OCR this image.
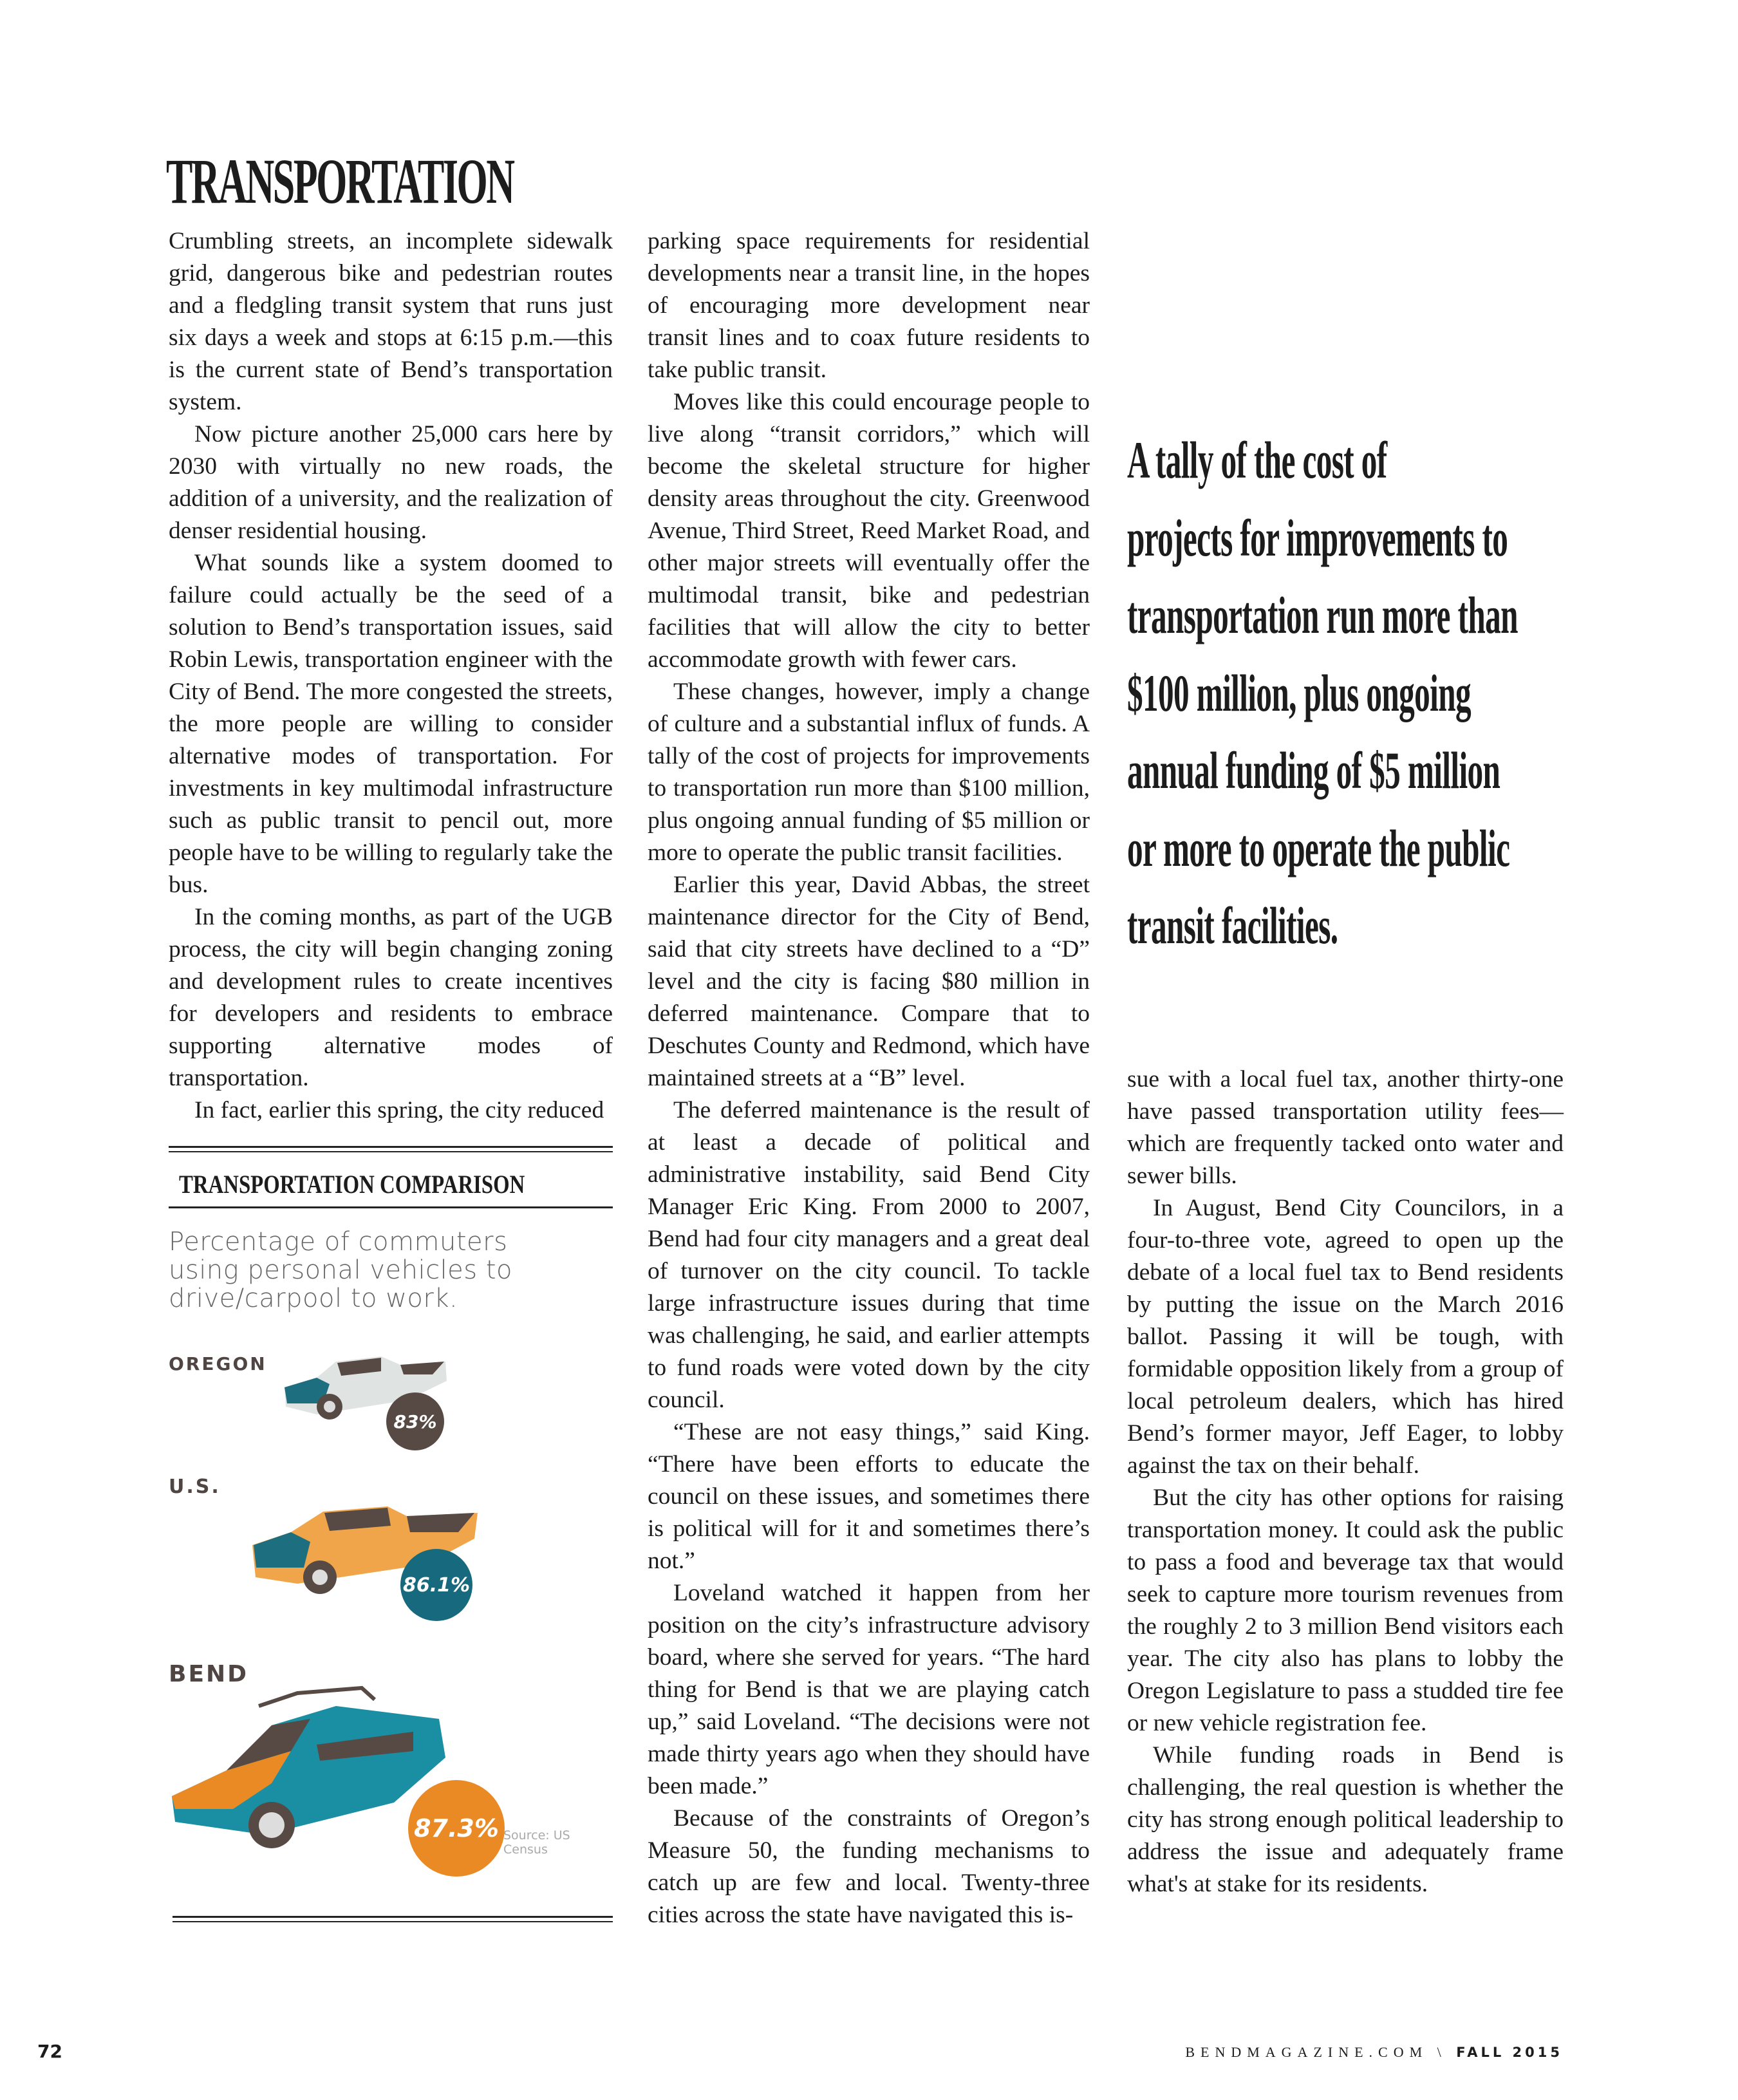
TRANSPORTATION

Crumbling streets, an incomplete sidewalk grid, dangerous bike and pedestrian routes and a fledgling transit system that runs just six days a week and stops at 6:15 p.m.—this is the current state of Bend’s transportation system.

Now picture another 25,000 cars here by 2030 with virtually no new roads, the addition of a university, and the realization of denser residential housing.

What sounds like a system doomed to failure could actually be the seed of a solution to Bend’s transportation issues, said Robin Lewis, transportation engineer with the City of Bend. The more congested the streets, the more people are willing to consider alternative modes of transportation. For investments in key multimodal infrastructure such as public transit to pencil out, more people have to be willing to regularly take the bus.

In the coming months, as part of the UGB process, the city will begin changing zoning and development rules to create incentives for developers and residents to embrace supporting alternative modes of transportation.

In fact, earlier this spring, the city reduced

parking space requirements for residential developments near a transit line, in the hopes of encouraging more development near transit lines and to coax future residents to take public transit.

Moves like this could encourage people to live along “transit corridors,” which will become the skeletal structure for higher density areas throughout the city. Greenwood Avenue, Third Street, Reed Market Road, and other major streets will eventually offer the multimodal transit, bike and pedestrian facilities that will allow the city to better accommodate growth with fewer cars.

These changes, however, imply a change of culture and a substantial influx of funds. A tally of the cost of projects for improvements to transportation run more than $100 million, plus ongoing annual funding of $5 million or more to operate the public transit facilities.

Earlier this year, David Abbas, the street maintenance director for the City of Bend, said that city streets have declined to a “D” level and the city is facing $80 million in deferred maintenance. Compare that to Deschutes County and Redmond, which have maintained streets at a “B” level.

The deferred maintenance is the result of at least a decade of political and administrative instability, said Bend City Manager Eric King. From 2000 to 2007, Bend had four city managers and a great deal of turnover on the city council. To tackle large infrastructure issues during that time was challenging, he said, and earlier attempts to fund roads were voted down by the city council.

“These are not easy things,” said King. “There have been efforts to educate the council on these issues, and sometimes there is political will for it and sometimes there’s not.”

Loveland watched it happen from her position on the city’s infrastructure advisory board, where she served for years. “The hard thing for Bend is that we are playing catch up,” said Loveland. “The decisions were not made thirty years ago when they should have been made.”

Because of the constraints of Oregon’s Measure 50, the funding mechanisms to catch up are few and local. Twenty-three cities across the state have navigated this is-

A tally of the cost of
projects for improvements to
transportation run more than
$100 million, plus ongoing
annual funding of $5 million
or more to operate the public
transit facilities.

sue with a local fuel tax, another thirty-one have passed transportation utility fees—which are frequently tacked onto water and sewer bills.

In August, Bend City Councilors, in a four-to-three vote, agreed to open up the debate of a local fuel tax to Bend residents by putting the issue on the March 2016 ballot. Passing it will be tough, with formidable opposition likely from a group of local petroleum dealers, which has hired Bend’s former mayor, Jeff Eager, to lobby against the tax on their behalf.

But the city has other options for raising transportation money. It could ask the public to pass a food and beverage tax that would seek to capture more tourism revenues from the roughly 2 to 3 million Bend visitors each year. The city also has plans to lobby the Oregon Legislature to pass a studded tire fee or new vehicle registration fee.

While funding roads in Bend is challenging, the real question is whether the city has strong enough political leadership to address the issue and adequately frame what's at stake for its residents.

TRANSPORTATION COMPARISON
Percentage of commuters using personal vehicles to drive/carpool to work.
OREGON
83%
U.S.
86.1%
BEND
87.3% Source: US Census
72	BENDMAGAZINE.COM \ FALL 2015
